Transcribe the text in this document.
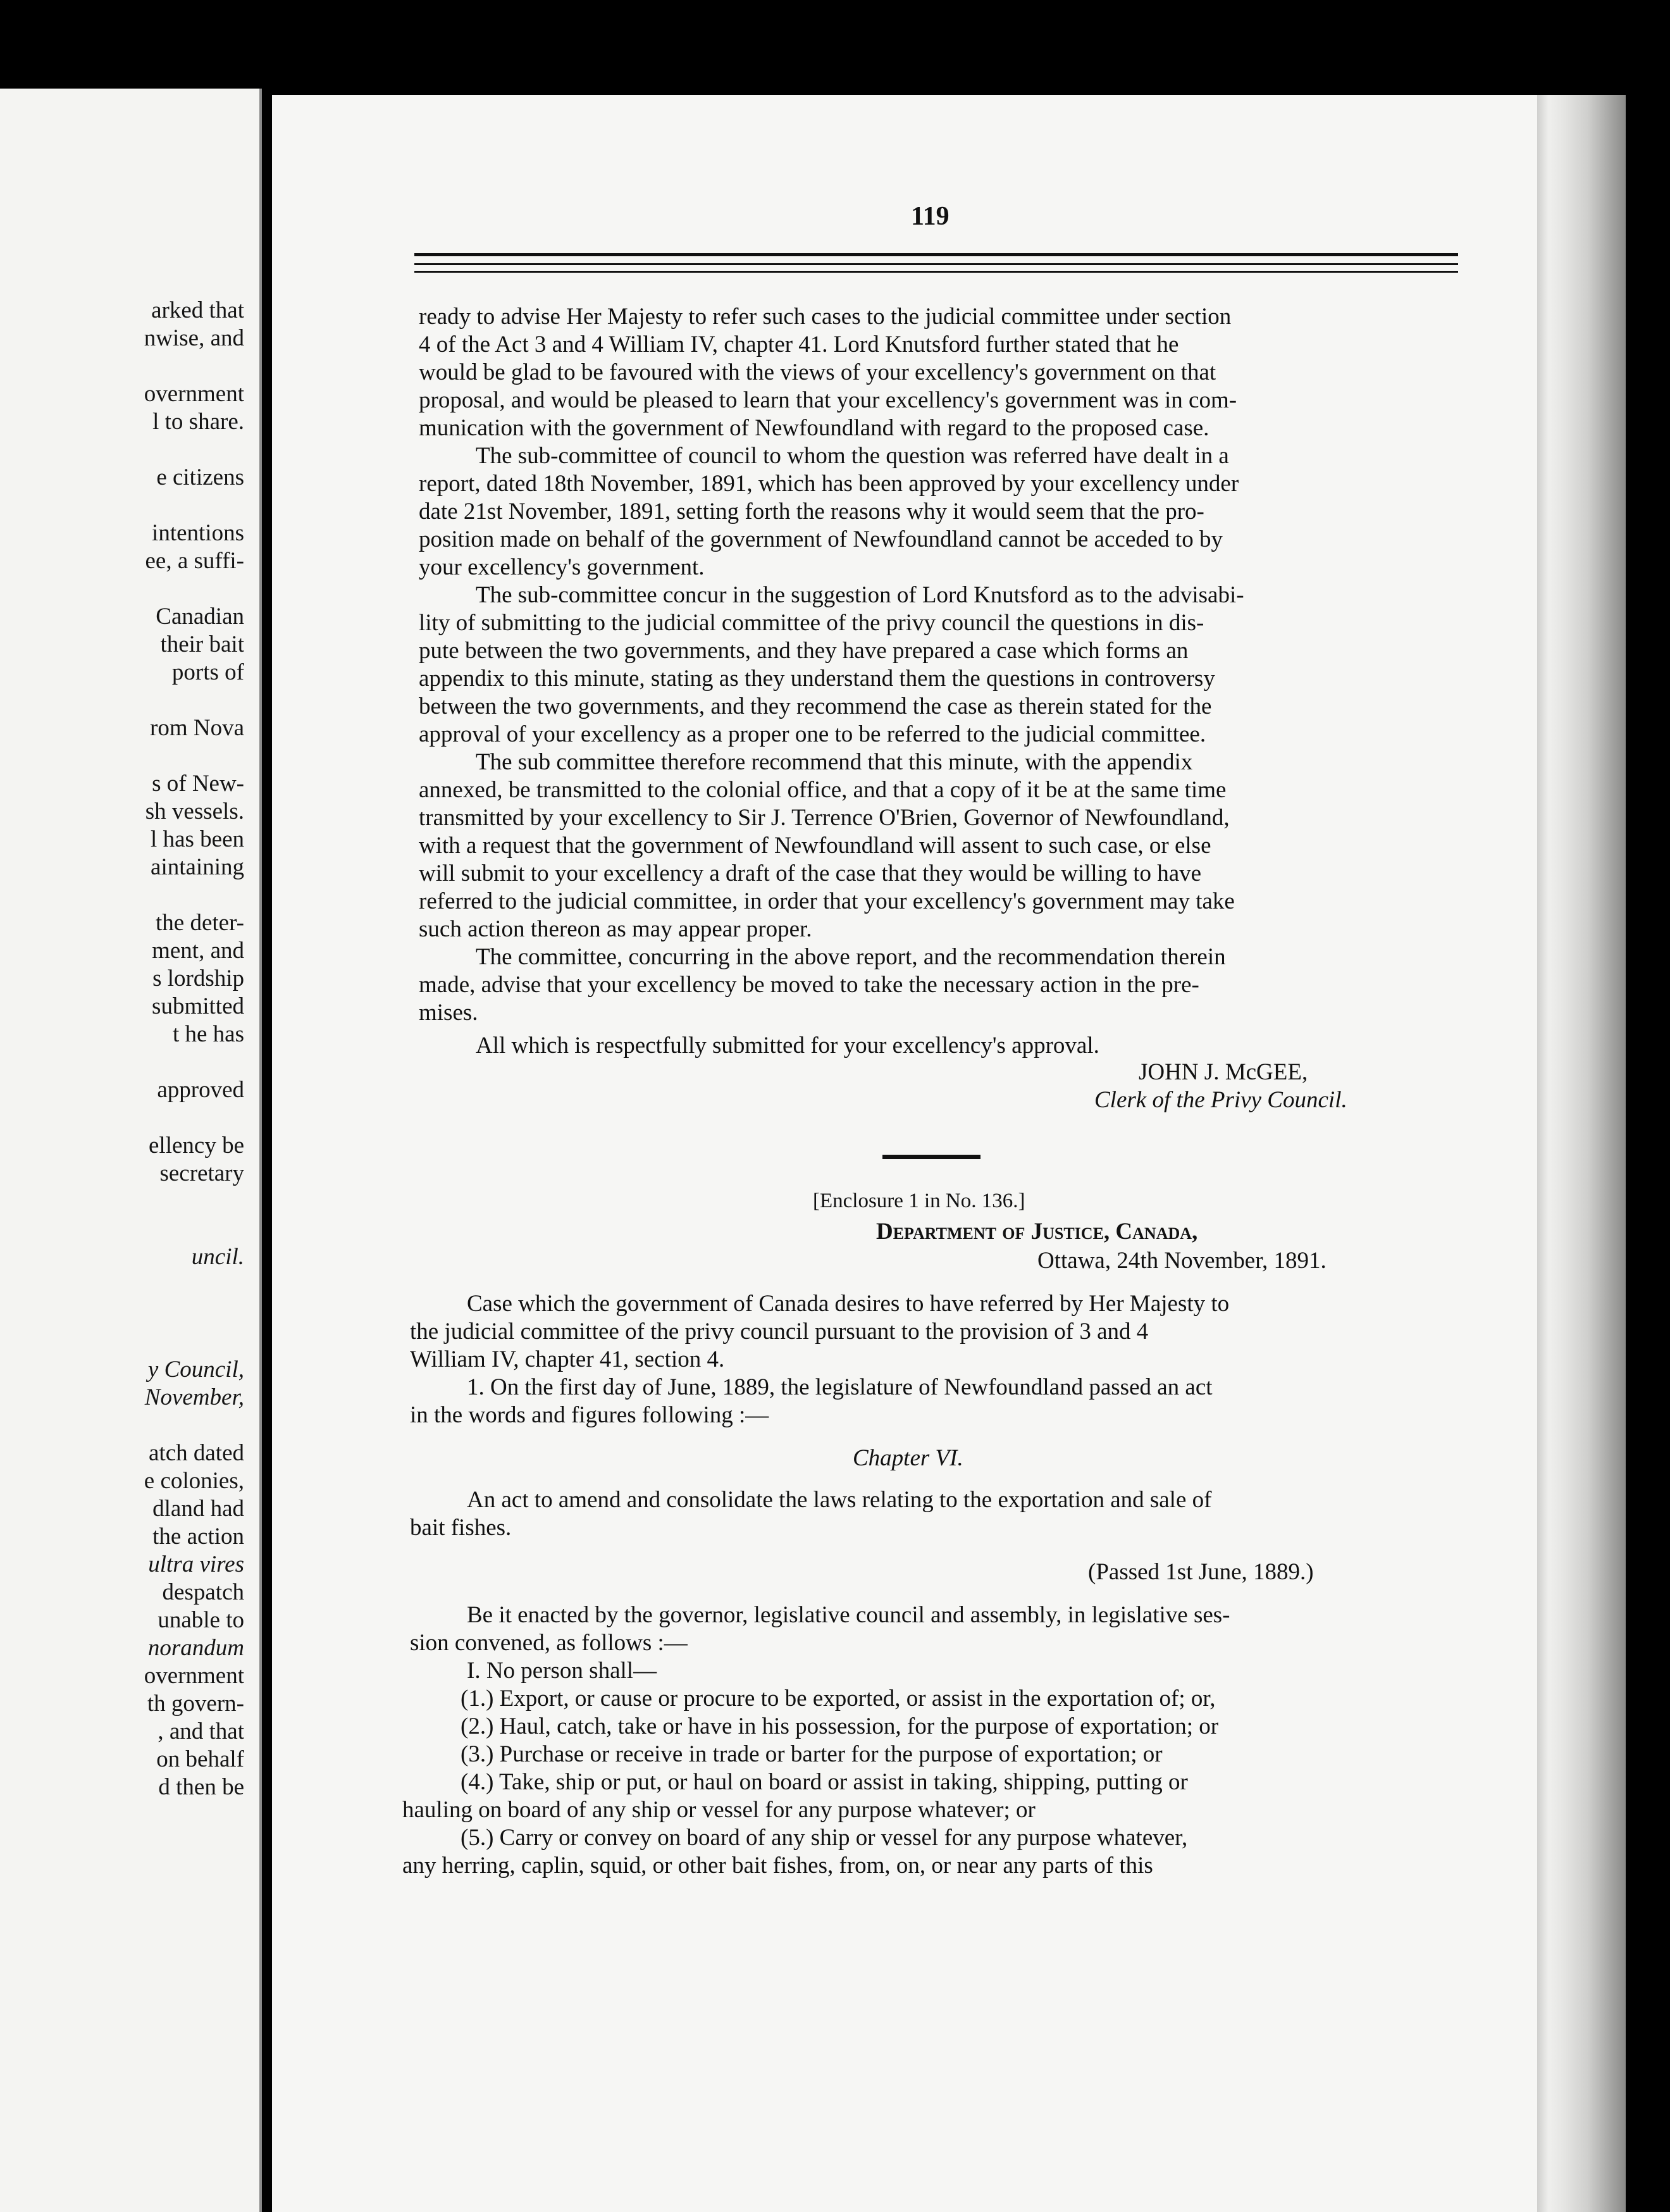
arked that

nwise, and

overnment

l to share.

e citizens

intentions

ee, a suffi-

Canadian

their bait

ports of

rom Nova

s of New-

sh vessels.

l has been

aintaining

the deter-

ment, and

s lordship

submitted

t he has

approved

ellency be

secretary

uncil.

y Council,

November,

atch dated

e colonies,

dland had

the action

ultra vires

despatch

unable to

norandum

overnment

th govern-

, and that

on behalf

d then be

119

ready to advise Her Majesty to refer such cases to the judicial committee under section

4 of the Act 3 and 4 William IV, chapter 41. Lord Knutsford further stated that he

would be glad to be favoured with the views of your excellency's government on that

proposal, and would be pleased to learn that your excellency's government was in com-

munication with the government of Newfoundland with regard to the proposed case.

The sub-committee of council to whom the question was referred have dealt in a

report, dated 18th November, 1891, which has been approved by your excellency under

date 21st November, 1891, setting forth the reasons why it would seem that the pro-

position made on behalf of the government of Newfoundland cannot be acceded to by

your excellency's government.

The sub-committee concur in the suggestion of Lord Knutsford as to the advisabi-

lity of submitting to the judicial committee of the privy council the questions in dis-

pute between the two governments, and they have prepared a case which forms an

appendix to this minute, stating as they understand them the questions in controversy

between the two governments, and they recommend the case as therein stated for the

approval of your excellency as a proper one to be referred to the judicial committee.

The sub committee therefore recommend that this minute, with the appendix

annexed, be transmitted to the colonial office, and that a copy of it be at the same time

transmitted by your excellency to Sir J. Terrence O'Brien, Governor of Newfoundland,

with a request that the government of Newfoundland will assent to such case, or else

will submit to your excellency a draft of the case that they would be willing to have

referred to the judicial committee, in order that your excellency's government may take

such action thereon as may appear proper.

The committee, concurring in the above report, and the recommendation therein

made, advise that your excellency be moved to take the necessary action in the pre-

mises.

All which is respectfully submitted for your excellency's approval.

JOHN J. McGEE,

Clerk of the Privy Council.

[Enclosure 1 in No. 136.]

Department of Justice, Canada,

Ottawa, 24th November, 1891.

Case which the government of Canada desires to have referred by Her Majesty to

the judicial committee of the privy council pursuant to the provision of 3 and 4

William IV, chapter 41, section 4.

1. On the first day of June, 1889, the legislature of Newfoundland passed an act

in the words and figures following :—

Chapter VI.

An act to amend and consolidate the laws relating to the exportation and sale of

bait fishes.

(Passed 1st June, 1889.)

Be it enacted by the governor, legislative council and assembly, in legislative ses-

sion convened, as follows :—

I. No person shall—

(1.) Export, or cause or procure to be exported, or assist in the exportation of; or,

(2.) Haul, catch, take or have in his possession, for the purpose of exportation; or

(3.) Purchase or receive in trade or barter for the purpose of exportation; or

(4.) Take, ship or put, or haul on board or assist in taking, shipping, putting or

hauling on board of any ship or vessel for any purpose whatever; or

(5.) Carry or convey on board of any ship or vessel for any purpose whatever,

any herring, caplin, squid, or other bait fishes, from, on, or near any parts of this
